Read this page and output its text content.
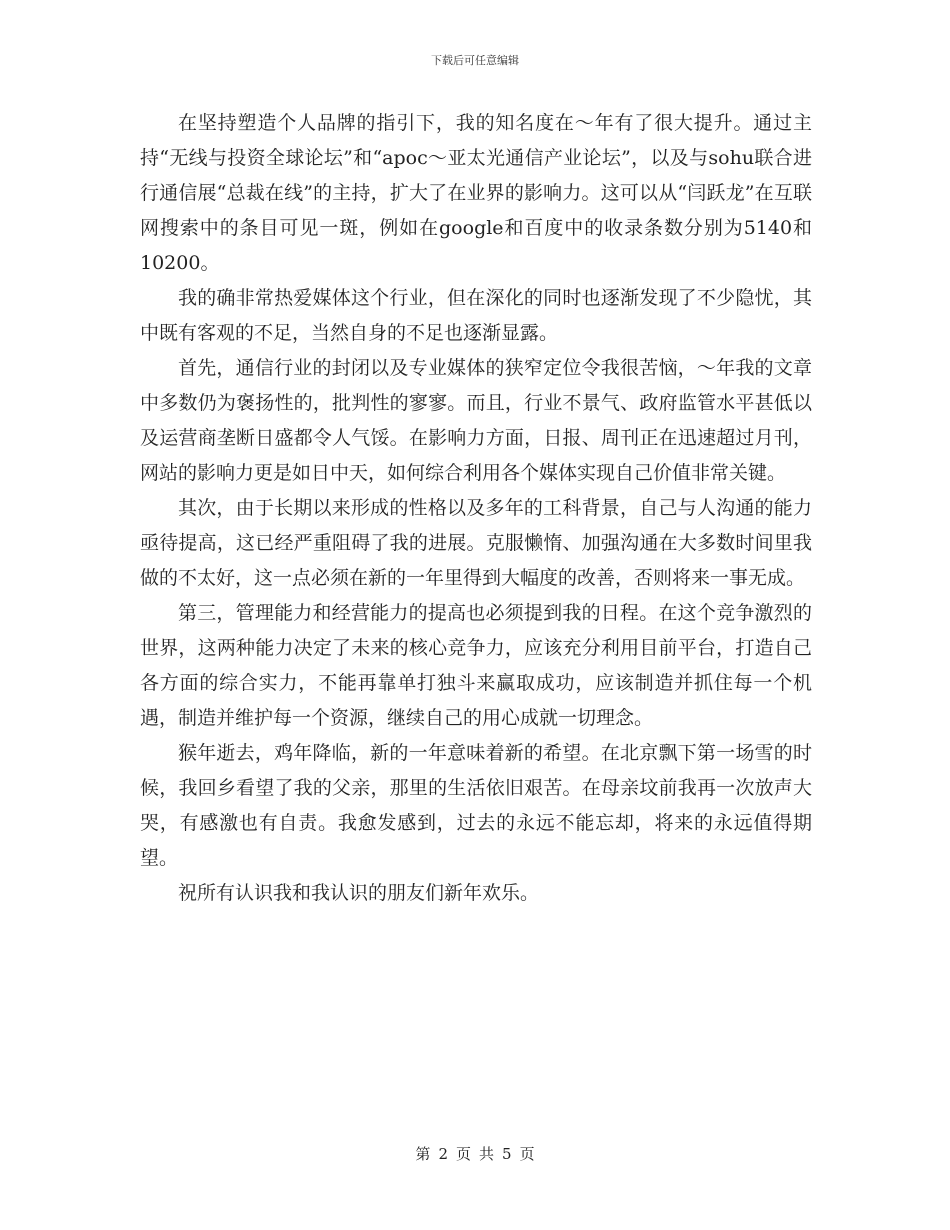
下载后可任意编辑

在坚持塑造个人品牌的指引下，我的知名度在～年有了很大提升。通过主持“无线与投资全球论坛”和“apoc～亚太光通信产业论坛”，以及与sohu联合进行通信展“总裁在线”的主持，扩大了在业界的影响力。这可以从“闫跃龙”在互联网搜索中的条目可见一斑，例如在google和百度中的收录条数分别为5140和10200。

我的确非常热爱媒体这个行业，但在深化的同时也逐渐发现了不少隐忧，其中既有客观的不足，当然自身的不足也逐渐显露。

首先，通信行业的封闭以及专业媒体的狭窄定位令我很苦恼，～年我的文章中多数仍为褒扬性的，批判性的寥寥。而且，行业不景气、政府监管水平甚低以及运营商垄断日盛都令人气馁。在影响力方面，日报、周刊正在迅速超过月刊，网站的影响力更是如日中天，如何综合利用各个媒体实现自己价值非常关键。

其次，由于长期以来形成的性格以及多年的工科背景，自己与人沟通的能力亟待提高，这已经严重阻碍了我的进展。克服懒惰、加强沟通在大多数时间里我做的不太好，这一点必须在新的一年里得到大幅度的改善，否则将来一事无成。

第三，管理能力和经营能力的提高也必须提到我的日程。在这个竞争激烈的世界，这两种能力决定了未来的核心竞争力，应该充分利用目前平台，打造自己各方面的综合实力，不能再靠单打独斗来赢取成功，应该制造并抓住每一个机遇，制造并维护每一个资源，继续自己的用心成就一切理念。

猴年逝去，鸡年降临，新的一年意味着新的希望。在北京飘下第一场雪的时候，我回乡看望了我的父亲，那里的生活依旧艰苦。在母亲坟前我再一次放声大哭，有感激也有自责。我愈发感到，过去的永远不能忘却，将来的永远值得期望。

祝所有认识我和我认识的朋友们新年欢乐。

第 2 页 共 5 页
